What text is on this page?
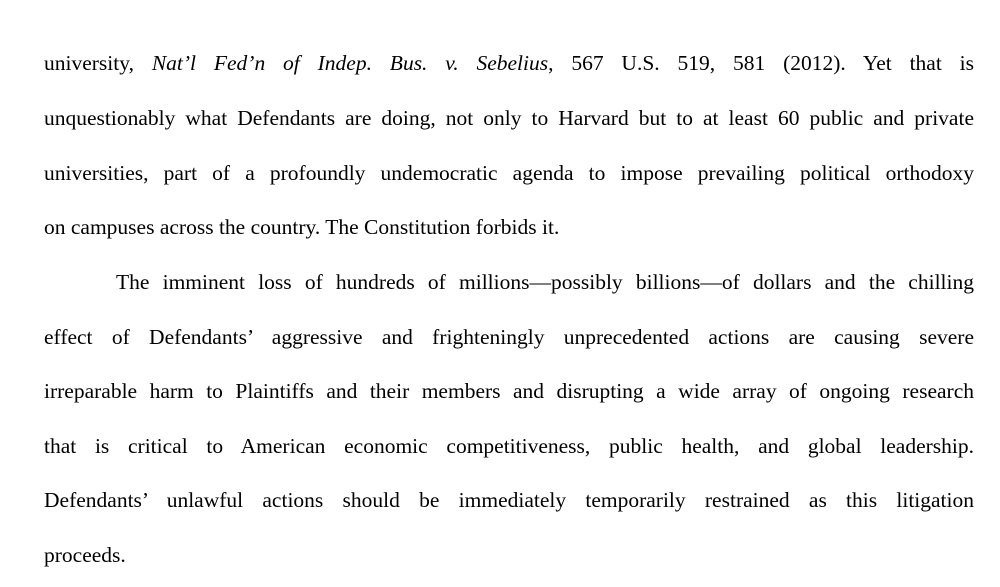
university, Nat’l Fed’n of Indep. Bus. v. Sebelius, 567 U.S. 519, 581 (2012). Yet that is
unquestionably what Defendants are doing, not only to Harvard but to at least 60 public and private
universities, part of a profoundly undemocratic agenda to impose prevailing political orthodoxy
on campuses across the country. The Constitution forbids it.
The imminent loss of hundreds of millions—possibly billions—of dollars and the chilling
effect of Defendants’ aggressive and frighteningly unprecedented actions are causing severe
irreparable harm to Plaintiffs and their members and disrupting a wide array of ongoing research
that is critical to American economic competitiveness, public health, and global leadership.
Defendants’ unlawful actions should be immediately temporarily restrained as this litigation
proceeds.
